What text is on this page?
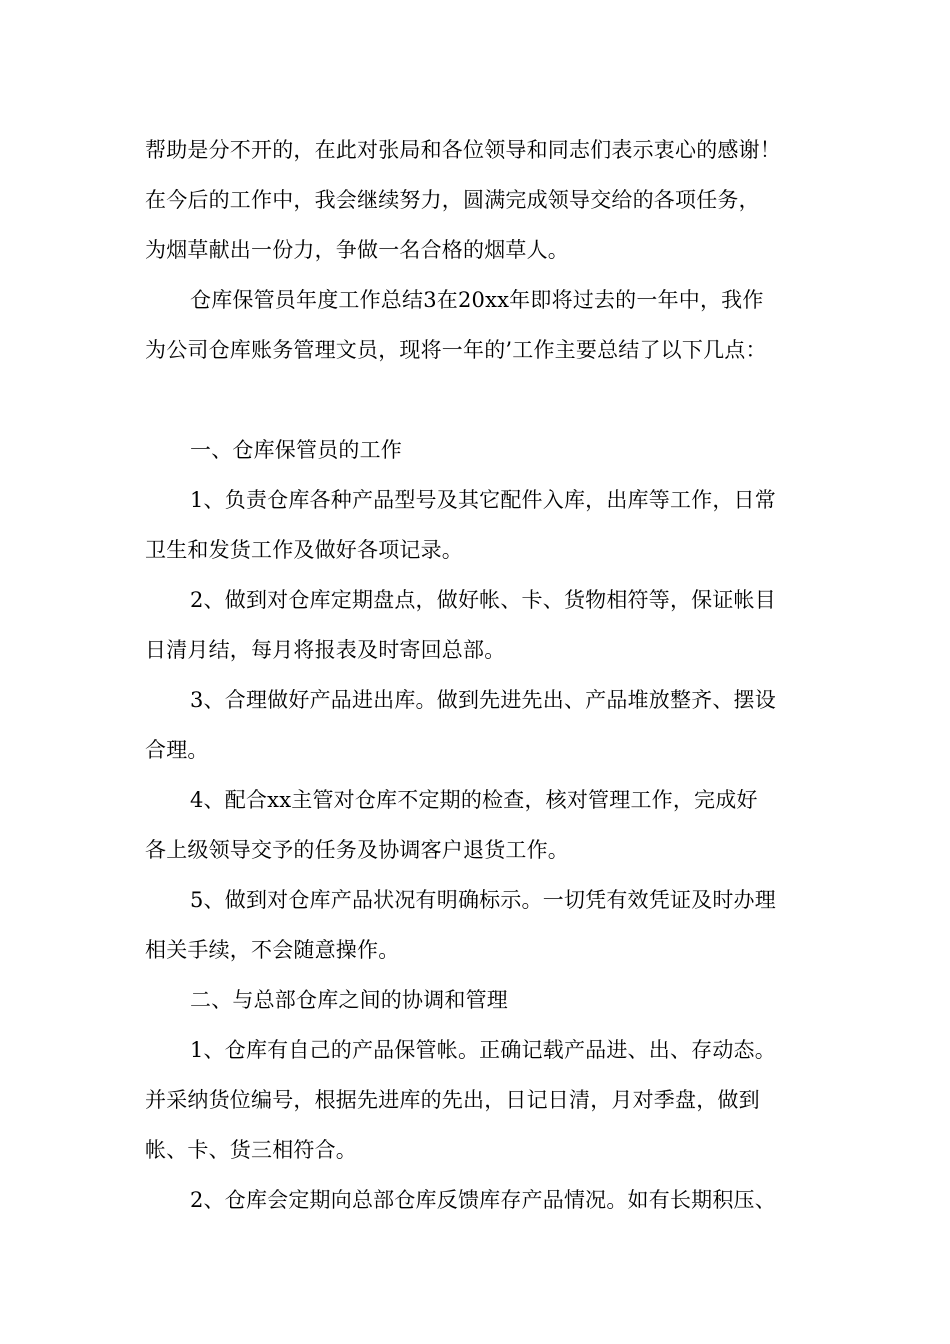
帮助是分不开的，在此对张局和各位领导和同志们表示衷心的感谢！
在今后的工作中，我会继续努力，圆满完成领导交给的各项任务，
为烟草献出一份力，争做一名合格的烟草人。
仓库保管员年度工作总结3在20xx年即将过去的一年中，我作
为公司仓库账务管理文员，现将一年的’工作主要总结了以下几点：
一、仓库保管员的工作
1、负责仓库各种产品型号及其它配件入库，出库等工作，日常
卫生和发货工作及做好各项记录。
2、做到对仓库定期盘点，做好帐、卡、货物相符等，保证帐目
日清月结，每月将报表及时寄回总部。
3、合理做好产品进出库。做到先进先出、产品堆放整齐、摆设
合理。
4、配合xx主管对仓库不定期的检查，核对管理工作，完成好
各上级领导交予的任务及协调客户退货工作。
5、做到对仓库产品状况有明确标示。一切凭有效凭证及时办理
相关手续，不会随意操作。
二、与总部仓库之间的协调和管理
1、仓库有自己的产品保管帐。正确记载产品进、出、存动态。
并采纳货位编号，根据先进库的先出，日记日清，月对季盘，做到
帐、卡、货三相符合。
2、仓库会定期向总部仓库反馈库存产品情况。如有长期积压、
